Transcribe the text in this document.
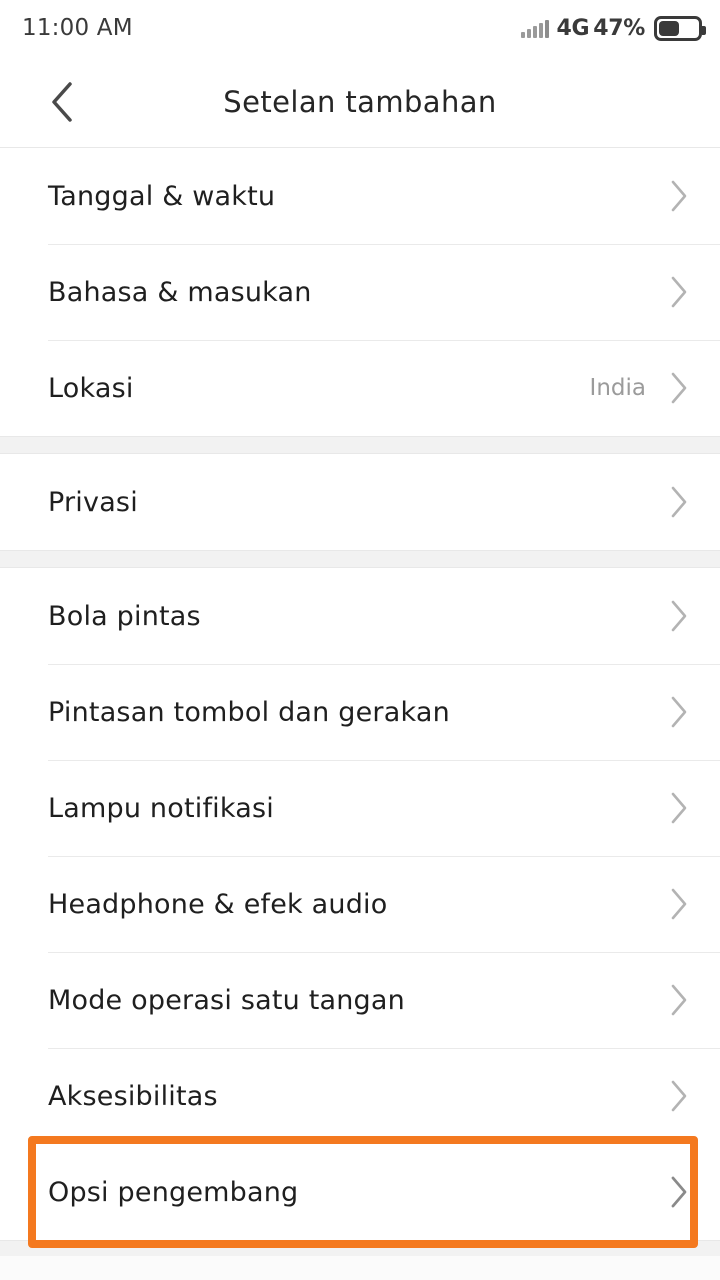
11:00 AM	4G 47%
Setelan tambahan
Tanggal & waktu
Bahasa & masukan
Lokasi	India
Privasi
Bola pintas
Pintasan tombol dan gerakan
Lampu notifikasi
Headphone & efek audio
Mode operasi satu tangan
Aksesibilitas
Opsi pengembang
